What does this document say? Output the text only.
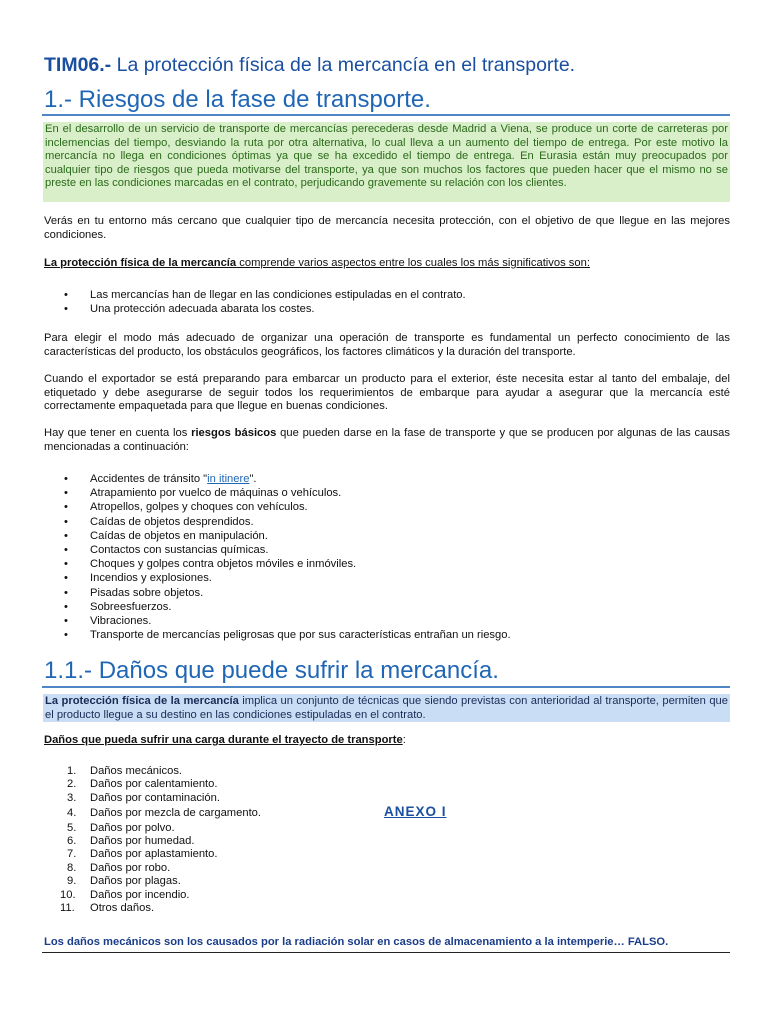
TIM06.- La protección física de la mercancía en el transporte.
1.- Riesgos de la fase de transporte.
En el desarrollo de un servicio de transporte de mercancías perecederas desde Madrid a Viena, se produce un corte de carreteras por inclemencias del tiempo, desviando la ruta por otra alternativa, lo cual lleva a un aumento del tiempo de entrega. Por este motivo la mercancía no llega en condiciones óptimas ya que se ha excedido el tiempo de entrega. En Eurasia están muy preocupados por cualquier tipo de riesgos que pueda motivarse del transporte, ya que son muchos los factores que pueden hacer que el mismo no se preste en las condiciones marcadas en el contrato, perjudicando gravemente su relación con los clientes.

Verás en tu entorno más cercano que cualquier tipo de mercancía necesita protección, con el objetivo de que llegue en las mejores condiciones.

La protección física de la mercancía comprende varios aspectos entre los cuales los más significativos son:

• Las mercancías han de llegar en las condiciones estipuladas en el contrato.
• Una protección adecuada abarata los costes.

Para elegir el modo más adecuado de organizar una operación de transporte es fundamental un perfecto conocimiento de las características del producto, los obstáculos geográficos, los factores climáticos y la duración del transporte.

Cuando el exportador se está preparando para embarcar un producto para el exterior, éste necesita estar al tanto del embalaje, del etiquetado y debe asegurarse de seguir todos los requerimientos de embarque para ayudar a asegurar que la mercancía esté correctamente empaquetada para que llegue en buenas condiciones.

Hay que tener en cuenta los riesgos básicos que pueden darse en la fase de transporte y que se producen por algunas de las causas mencionadas a continuación:

• Accidentes de tránsito "in itinere".
• Atrapamiento por vuelco de máquinas o vehículos.
• Atropellos, golpes y choques con vehículos.
• Caídas de objetos desprendidos.
• Caídas de objetos en manipulación.
• Contactos con sustancias químicas.
• Choques y golpes contra objetos móviles e inmóviles.
• Incendios y explosiones.
• Pisadas sobre objetos.
• Sobreesfuerzos.
• Vibraciones.
• Transporte de mercancías peligrosas que por sus características entrañan un riesgo.
1.1.- Daños que puede sufrir la mercancía.
La protección física de la mercancía implica un conjunto de técnicas que siendo previstas con anterioridad al transporte, permiten que el producto llegue a su destino en las condiciones estipuladas en el contrato.

Daños que pueda sufrir una carga durante el trayecto de transporte:

1. Daños mecánicos.
2. Daños por calentamiento.
3. Daños por contaminación.
4. Daños por mezcla de cargamento.
5. Daños por polvo.
6. Daños por humedad.
7. Daños por aplastamiento.
8. Daños por robo.
9. Daños por plagas.
10. Daños por incendio.
11. Otros daños.
ANEXO I

Los daños mecánicos son los causados por la radiación solar en casos de almacenamiento a la intemperie… FALSO.
